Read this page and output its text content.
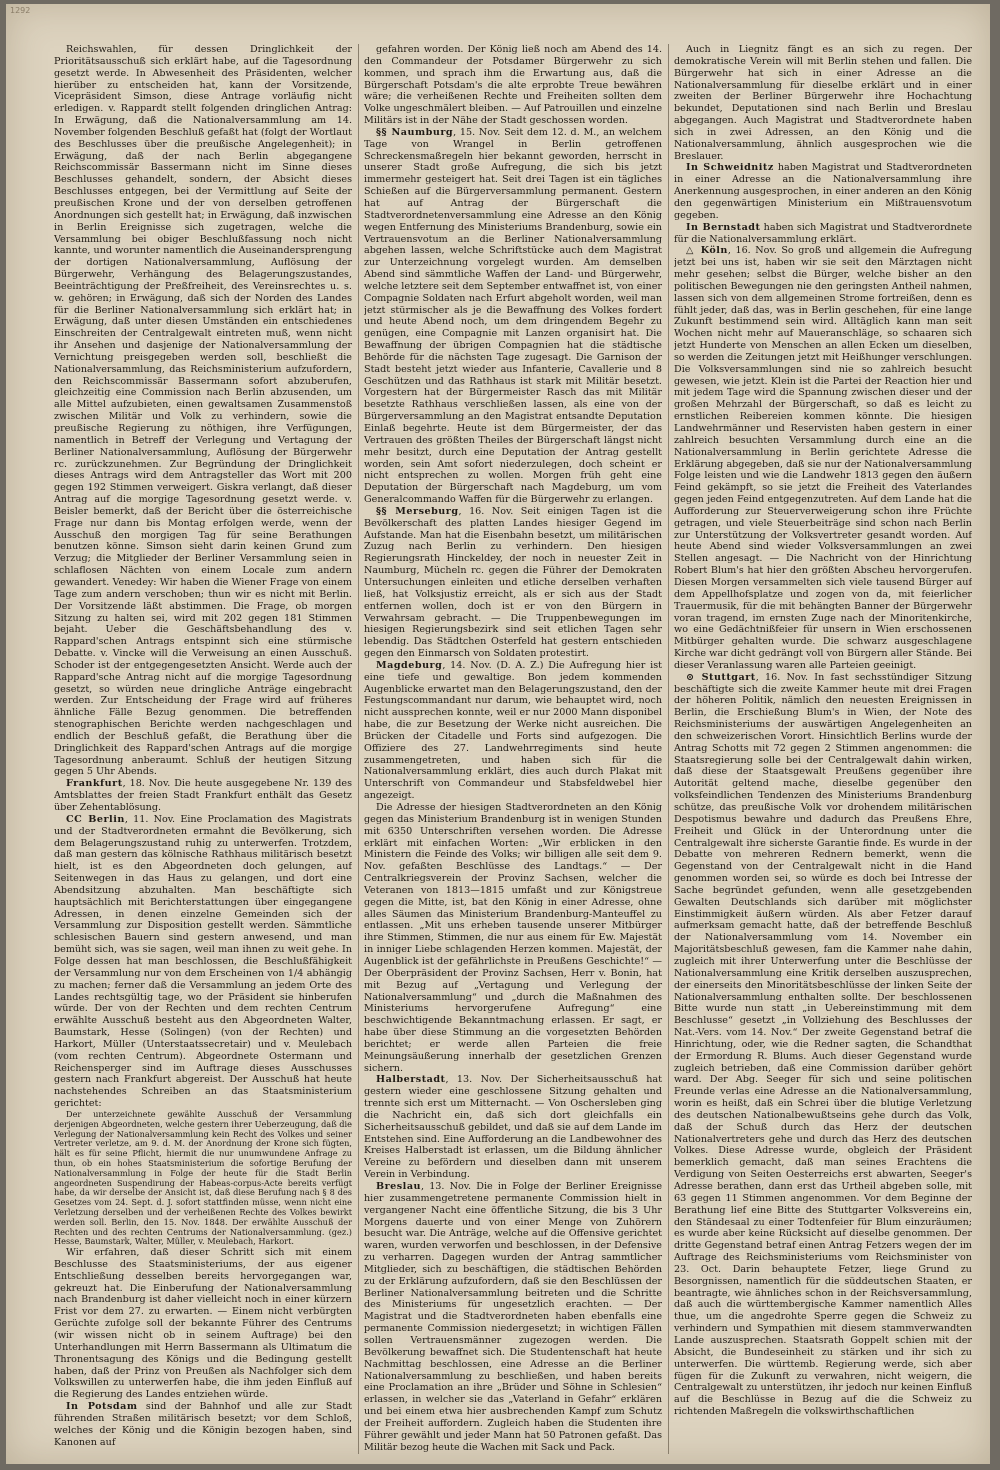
1292

Reichswahlen, für dessen Dringlichkeit der Prioritätsausschuß sich erklärt habe, auf die Tagesordnung gesetzt werde. In Abwesenheit des Präsidenten, welcher hierüber zu entscheiden hat, kann der Vorsitzende, Vicepräsident Simson, diese Antrage vorläufig nicht erledigen. v. Rappardt stellt folgenden dringlichen Antrag: In Erwägung, daß die Nationalversammlung am 14. November folgenden Beschluß gefaßt hat (folgt der Wortlaut des Beschlusses über die preußische Angelegenheit); in Erwägung, daß der nach Berlin abgegangene Reichscommissär Bassermann nicht im Sinne dieses Beschlusses gehandelt, sondern, der Absicht dieses Beschlusses entgegen, bei der Vermittlung auf Seite der preußischen Krone und der von derselben getroffenen Anordnungen sich gestellt hat; in Erwägung, daß inzwischen in Berlin Ereignisse sich zugetragen, welche die Versammlung bei obiger Beschlußfassung noch nicht kannte, und worunter namentlich die Auseinandersprengung der dortigen Nationalversammlung, Auflösung der Bürgerwehr, Verhängung des Belagerungszustandes, Beeinträchtigung der Preßfreiheit, des Vereinsrechtes u. s. w. gehören; in Erwägung, daß sich der Norden des Landes für die Berliner Nationalversammlung sich erklärt hat; in Erwägung, daß unter diesen Umständen ein entschiedenes Einschreiten der Centralgewalt eintreten muß, wenn nicht ihr Ansehen und dasjenige der Nationalversammlung der Vernichtung preisgegeben werden soll, beschließt die Nationalversammlung, das Reichsministerium aufzufordern, den Reichscommissär Bassermann sofort abzuberufen, gleichzeitig eine Commission nach Berlin abzusenden, um alle Mittel aufzubieten, einen gewaltsamen Zusammenstoß zwischen Militär und Volk zu verhindern, sowie die preußische Regierung zu nöthigen, ihre Verfügungen, namentlich in Betreff der Verlegung und Vertagung der Berliner Nationalversammlung, Auflösung der Bürgerwehr rc. zurückzunehmen. Zur Begründung der Dringlichkeit dieses Antrags wird dem Antragsteller das Wort mit 200 gegen 192 Stimmen verweigert. Giskra verlangt, daß dieser Antrag auf die morgige Tagesordnung gesetzt werde. v. Beisler bemerkt, daß der Bericht über die österreichische Frage nur dann bis Montag erfolgen werde, wenn der Ausschuß den morgigen Tag für seine Berathungen benutzen könne. Simson sieht darin keinen Grund zum Verzug; die Mitglieder der Berliner Versammlung seien in schlaflosen Nächten von einem Locale zum andern gewandert. Venedey: Wir haben die Wiener Frage von einem Tage zum andern verschoben; thun wir es nicht mit Berlin. Der Vorsitzende läßt abstimmen. Die Frage, ob morgen Sitzung zu halten sei, wird mit 202 gegen 181 Stimmen bejaht. Ueber die Geschäftsbehandlung des v. Rappard'schen Antrags entspinnt sich eine stürmische Debatte. v. Vincke will die Verweisung an einen Ausschuß. Schoder ist der entgegengesetzten Ansicht. Werde auch der Rappard'sche Antrag nicht auf die morgige Tagesordnung gesetzt, so würden neue dringliche Anträge eingebracht werden. Zur Entscheidung der Frage wird auf früheres ähnliche Fälle Bezug genommen. Die betreffenden stenographischen Berichte werden nachgeschlagen und endlich der Beschluß gefaßt, die Berathung über die Dringlichkeit des Rappard'schen Antrags auf die morgige Tagesordnung anberaumt. Schluß der heutigen Sitzung gegen 5 Uhr Abends.

Frankfurt, 18. Nov. Die heute ausgegebene Nr. 139 des Amtsblattes der freien Stadt Frankfurt enthält das Gesetz über Zehentablösung.

CC Berlin, 11. Nov. Eine Proclamation des Magistrats und der Stadtverordneten ermahnt die Bevölkerung, sich dem Belagerungszustand ruhig zu unterwerfen. Trotzdem, daß man gestern das kölnische Rathhaus militärisch besetzt hielt, ist es den Abgeordneten doch gelungen, auf Seitenwegen in das Haus zu gelangen, und dort eine Abendsitzung abzuhalten. Man beschäftigte sich hauptsächlich mit Berichterstattungen über eingegangene Adressen, in denen einzelne Gemeinden sich der Versammlung zur Disposition gestellt werden. Sämmtliche schlesischen Bauern sind gestern anwesend, und man bemüht sich, was sie sagen, weil man ihnen zu weit gehe. In Folge dessen hat man beschlossen, die Beschlußfähigkeit der Versammlung nur von dem Erscheinen von 1/4 abhängig zu machen; ferner daß die Versammlung an jedem Orte des Landes rechtsgültig tage, wo der Präsident sie hinberufen würde. Der von der Rechten und dem rechten Centrum erwählte Ausschuß besteht aus den Abgeordneten Walter, Baumstark, Hesse (Solingen) (von der Rechten) und Harkort, Müller (Unterstaatssecretair) und v. Meulebach (vom rechten Centrum). Abgeordnete Ostermann und Reichensperger sind im Auftrage dieses Ausschusses gestern nach Frankfurt abgereist. Der Ausschuß hat heute nachstehendes Schreiben an das Staatsministerium gerichtet:

Der unterzeichnete gewählte Ausschuß der Versammlung derjenigen Abgeordneten, welche gestern ihrer Ueberzeugung, daß die Verlegung der Nationalversammlung kein Recht des Volkes und seiner Vertreter verletze, am 9. d. M. der Anordnung der Krone sich fügten, hält es für seine Pflicht, hiermit die nur unumwundene Anfrage zu thun, ob ein hohes Staatsministerium die sofortige Berufung der Nationalversammlung in Folge der heute für die Stadt Berlin angeordneten Suspendirung der Habeas-corpus-Acte bereits verfügt habe, da wir derselbe der Ansicht ist, daß diese Berufung nach § 8 des Gesetzes vom 24. Sept. d. J. sofort stattfinden müsse, wenn nicht eine Verletzung derselben und der verheißenen Rechte des Volkes bewirkt werden soll. Berlin, den 15. Nov. 1848. Der erwählte Ausschuß der Rechten und des rechten Centrums der Nationalversammlung. (gez.) Hesse, Baumstark, Walter, Müller, v. Meulebach, Harkort.

Wir erfahren, daß dieser Schritt sich mit einem Beschlusse des Staatsministeriums, der aus eigener Entschließung desselben bereits hervorgegangen war, gekreuzt hat. Die Einberufung der Nationalversammlung nach Brandenburg ist daher vielleicht noch in einer kürzern Frist vor dem 27. zu erwarten. — Einem nicht verbürgten Gerüchte zufolge soll der bekannte Führer des Centrums (wir wissen nicht ob in seinem Auftrage) bei den Unterhandlungen mit Herrn Bassermann als Ultimatum die Thronentsagung des Königs und die Bedingung gestellt haben, daß der Prinz von Preußen als Nachfolger sich dem Volkswillen zu unterwerfen habe, die ihm jeden Einfluß auf die Regierung des Landes entziehen würde.

In Potsdam sind der Bahnhof und alle zur Stadt führenden Straßen militärisch besetzt; vor dem Schloß, welches der König und die Königin bezogen haben, sind Kanonen auf

gefahren worden. Der König ließ noch am Abend des 14. den Commandeur der Potsdamer Bürgerwehr zu sich kommen, und sprach ihm die Erwartung aus, daß die Bürgerschaft Potsdam's die alte erprobte Treue bewähren wäre; die verheißenen Rechte und Freiheiten sollten dem Volke ungeschmälert bleiben. — Auf Patrouillen und einzelne Militärs ist in der Nähe der Stadt geschossen worden.

§§ Naumburg, 15. Nov. Seit dem 12. d. M., an welchem Tage von Wrangel in Berlin getroffenen Schreckensmaßregeln hier bekannt geworden, herrscht in unserer Stadt große Aufregung, die sich bis jetzt immermehr gesteigert hat. Seit drei Tagen ist ein tägliches Schießen auf die Bürgerversammlung permanent. Gestern hat auf Antrag der Bürgerschaft die Stadtverordnetenversammlung eine Adresse an den König wegen Entfernung des Ministeriums Brandenburg, sowie ein Vertrauensvotum an die Berliner Nationalversammlung abgehen lassen, welche Schriftstücke auch dem Magistrat zur Unterzeichnung vorgelegt wurden. Am demselben Abend sind sämmtliche Waffen der Land- und Bürgerwehr, welche letztere seit dem September entwaffnet ist, von einer Compagnie Soldaten nach Erfurt abgeholt worden, weil man jetzt stürmischer als je die Bewaffnung des Volkes fordert und heute Abend noch, um dem dringendem Begehr zu genügen, eine Compagnie mit Lanzen organisirt hat. Die Bewaffnung der übrigen Compagnien hat die städtische Behörde für die nächsten Tage zugesagt. Die Garnison der Stadt besteht jetzt wieder aus Infanterie, Cavallerie und 8 Geschützen und das Rathhaus ist stark mit Militär besetzt. Vorgestern hat der Bürgermeister Rasch das mit Militär besetzte Rathhaus verschließen lassen, als eine von der Bürgerversammlung an den Magistrat entsandte Deputation Einlaß begehrte. Heute ist dem Bürgermeister, der das Vertrauen des größten Theiles der Bürgerschaft längst nicht mehr besitzt, durch eine Deputation der Antrag gestellt worden, sein Amt sofort niederzulegen, doch scheint er nicht entsprechen zu wollen. Morgen früh geht eine Deputation der Bürgerschaft nach Magdeburg, um vom Generalcommando Waffen für die Bürgerwehr zu erlangen.

§§ Merseburg, 16. Nov. Seit einigen Tagen ist die Bevölkerschaft des platten Landes hiesiger Gegend im Aufstande. Man hat die Eisenbahn besetzt, um militärischen Zuzug nach Berlin zu verhindern. Den hiesigen Regierungsrath Hinckeldey, der noch in neuester Zeit in Naumburg, Mücheln rc. gegen die Führer der Demokraten Untersuchungen einleiten und etliche derselben verhaften ließ, hat Volksjustiz erreicht, als er sich aus der Stadt entfernen wollen, doch ist er von den Bürgern in Verwahrsam gebracht. — Die Truppenbewegungen im hiesigen Regierungsbezirk sind seit etlichen Tagen sehr lebendig. Das Städtchen Osterfeld hat gestern entschieden gegen den Einmarsch von Soldaten protestirt.

Magdeburg, 14. Nov. (D. A. Z.) Die Aufregung hier ist eine tiefe und gewaltige. Bon jedem kommenden Augenblicke erwartet man den Belagerungszustand, den der Festungscommandant nur darum, wie behauptet wird, noch nicht aussprechen konnte, weil er nur 2000 Mann disponibel habe, die zur Besetzung der Werke nicht ausreichen. Die Brücken der Citadelle und Forts sind aufgezogen. Die Offiziere des 27. Landwehrregiments sind heute zusammengetreten, und haben sich für die Nationalversammlung erklärt, dies auch durch Plakat mit Unterschrift von Commandeur und Stabsfeldwebel hier angezeigt.

Die Adresse der hiesigen Stadtverordneten an den König gegen das Ministerium Brandenburg ist in wenigen Stunden mit 6350 Unterschriften versehen worden. Die Adresse erklärt mit einfachen Worten: „Wir erblicken in den Ministern die Feinde des Volks; wir billigen alle seit dem 9. Nov. gefaßten Beschlüsse des Landtags.“ — Der Centralkriegsverein der Provinz Sachsen, welcher die Veteranen von 1813—1815 umfaßt und zur Königstreue gegen die Mitte, ist, bat den König in einer Adresse, ohne alles Säumen das Ministerium Brandenburg-Manteuffel zu entlassen. „Mit uns erheben tausende unserer Mitbürger ihre Stimmen, Stimmen, die nur aus einem für Ew. Majestät in inniger Liebe schlagenden Herzen kommen. Majestät, der Augenblick ist der gefährlichste in Preußens Geschichte!“ — Der Oberpräsident der Provinz Sachsen, Herr v. Bonin, hat mit Bezug auf „Vertagung und Verlegung der Nationalversammlung“ und „durch die Maßnahmen des Ministeriums hervorgerufene Aufregung“ eine beschwichtigende Bekanntmachung erlassen. Er sagt, er habe über diese Stimmung an die vorgesetzten Behörden berichtet; er werde allen Parteien die freie Meinungsäußerung innerhalb der gesetzlichen Grenzen sichern.

Halberstadt, 13. Nov. Der Sicherheitsausschuß hat gestern wieder eine geschlossene Sitzung gehalten und trennte sich erst um Mitternacht. — Von Oschersleben ging die Nachricht ein, daß sich dort gleichfalls ein Sicherheitsausschuß gebildet, und daß sie auf dem Lande im Entstehen sind. Eine Aufforderung an die Landbewohner des Kreises Halberstadt ist erlassen, um die Bildung ähnlicher Vereine zu befördern und dieselben dann mit unserem Verein in Verbindung.

Breslau, 13. Nov. Die in Folge der Berliner Ereignisse hier zusammengetretene permanente Commission hielt in vergangener Nacht eine öffentliche Sitzung, die bis 3 Uhr Morgens dauerte und von einer Menge von Zuhörern besucht war. Die Anträge, welche auf die Offensive gerichtet waren, wurden verworfen und beschlossen, in der Defensive zu verharren. Dagegen wurden der Antrag sammtlicher Mitglieder, sich zu beschäftigen, die städtischen Behörden zu der Erklärung aufzufordern, daß sie den Beschlüssen der Berliner Nationalversammlung beitreten und die Schritte des Ministeriums für ungesetzlich erachten. — Der Magistrat und die Stadtverordneten haben ebenfalls eine permanente Commission niedergesetzt; in wichtigen Fällen sollen Vertrauensmänner zugezogen werden. Die Bevölkerung bewaffnet sich. Die Studentenschaft hat heute Nachmittag beschlossen, eine Adresse an die Berliner Nationalversammlung zu beschließen, und haben bereits eine Proclamation an ihre „Brüder und Söhne in Schlesien“ erlassen, in welcher sie das „Vaterland in Gefahr“ erklären und bei einem etwa hier ausbrechenden Kampf zum Schutz der Freiheit auffordern. Zugleich haben die Studenten ihre Führer gewählt und jeder Mann hat 50 Patronen gefaßt. Das Militär bezog heute die Wachen mit Sack und Pack.

Auch in Liegnitz fängt es an sich zu regen. Der demokratische Verein will mit Berlin stehen und fallen. Die Bürgerwehr hat sich in einer Adresse an die Nationalversammlung für dieselbe erklärt und in einer zweiten der Berliner Bürgerwehr ihre Hochachtung bekundet, Deputationen sind nach Berlin und Breslau abgegangen. Auch Magistrat und Stadtverordnete haben sich in zwei Adressen, an den König und die Nationalversammlung, ähnlich ausgesprochen wie die Breslauer.

In Schweidnitz haben Magistrat und Stadtverordneten in einer Adresse an die Nationalversammlung ihre Anerkennung ausgesprochen, in einer anderen an den König den gegenwärtigen Ministerium ein Mißtrauensvotum gegeben.

In Bernstadt haben sich Magistrat und Stadtverordnete für die Nationalversammlung erklärt.

△ Köln, 16. Nov. So groß und allgemein die Aufregung jetzt bei uns ist, haben wir sie seit den Märztagen nicht mehr gesehen; selbst die Bürger, welche bisher an den politischen Bewegungen nie den geringsten Antheil nahmen, lassen sich von dem allgemeinen Strome fortreißen, denn es fühlt jeder, daß das, was in Berlin geschehen, für eine lange Zukunft bestimmend sein wird. Alltäglich kann man seit Wochen nicht mehr auf Maueranschläge, so schaaren sich jetzt Hunderte von Menschen an allen Ecken um dieselben, so werden die Zeitungen jetzt mit Heißhunger verschlungen. Die Volksversammlungen sind nie so zahlreich besucht gewesen, wie jetzt. Klein ist die Partei der Reaction hier und mit jedem Tage wird die Spannung zwischen dieser und der großen Mehrzahl der Bürgerschaft, so daß es leicht zu ernstlichen Reibereien kommen könnte. Die hiesigen Landwehrmänner und Reservisten haben gestern in einer zahlreich besuchten Versammlung durch eine an die Nationalversammlung in Berlin gerichtete Adresse die Erklärung abgegeben, daß sie nur der Nationalversammlung Folge leisten und wie die Landwehr 1813 gegen den äußern Feind gekämpft, so sie jetzt die Freiheit des Vaterlandes gegen jeden Feind entgegenzutreten. Auf dem Lande hat die Aufforderung zur Steuerverweigerung schon ihre Früchte getragen, und viele Steuerbeiträge sind schon nach Berlin zur Unterstützung der Volksvertreter gesandt worden. Auf heute Abend sind wieder Volksversammlungen an zwei Stellen angesagt. — Die Nachricht von der Hinrichtung Robert Blum's hat hier den größten Abscheu hervorgerufen. Diesen Morgen versammelten sich viele tausend Bürger auf dem Appellhofsplatze und zogen von da, mit feierlicher Trauermusik, für die mit behängten Banner der Bürgerwehr voran tragend, im ernsten Zuge nach der Minoritenkirche, wo eine Gedächtnißfeier für unsern in Wien erschossenen Mitbürger gehalten wurde. Die schwarz ausgeschlagene Kirche war dicht gedrängt voll von Bürgern aller Stände. Bei dieser Veranlassung waren alle Parteien geeinigt.

⊙ Stuttgart, 16. Nov. In fast sechsstündiger Sitzung beschäftigte sich die zweite Kammer heute mit drei Fragen der höheren Politik, nämlich den neuesten Ereignissen in Berlin, die Erschießung Blum's in Wien, der Note des Reichsministeriums der auswärtigen Angelegenheiten an den schweizerischen Vorort. Hinsichtlich Berlins wurde der Antrag Schotts mit 72 gegen 2 Stimmen angenommen: die Staatsregierung solle bei der Centralgewalt dahin wirken, daß diese der Staatsgewalt Preußens gegenüber ihre Autorität geltend mache, dieselbe gegenüber den volksfeindlichen Tendenzen des Ministeriums Brandenburg schütze, das preußische Volk vor drohendem militärischen Despotismus bewahre und dadurch das Preußens Ehre, Freiheit und Glück in der Unterordnung unter die Centralgewalt ihre sicherste Garantie finde. Es wurde in der Debatte von mehreren Rednern bemerkt, wenn die Gegenstand von der Centralgewalt nicht in die Hand genommen worden sei, so würde es doch bei Intresse der Sache begründet gefunden, wenn alle gesetzgebenden Gewalten Deutschlands sich darüber mit möglichster Einstimmigkeit äußern würden. Als aber Fetzer darauf aufmerksam gemacht hatte, daß der betreffende Beschluß der Nationalversammlung vom 14. November ein Majoritätsbeschluß gewesen, fam die Kammer nahe dahin, zugleich mit ihrer Unterwerfung unter die Beschlüsse der Nationalversammlung eine Kritik derselben auszusprechen, der einerseits den Minoritätsbeschlüsse der linken Seite der Nationalversammlung enthalten sollte. Der beschlossenen Bitte wurde nun statt „in Uebereinstimmung mit dem Beschlusse“ gesetzt „in Vollziehung des Beschlusses der Nat.-Vers. vom 14. Nov.“ Der zweite Gegenstand betraf die Hinrichtung, oder, wie die Redner sagten, die Schandthat der Ermordung R. Blums. Auch dieser Gegenstand wurde zugleich betrieben, daß eine Commission darüber gehört ward. Der Abg. Seeger für sich und seine politischen Freunde verlas eine Adresse an die Nationalversammlung, worin es heißt, daß ein Schrei über die blutige Verletzung des deutschen Nationalbewußtseins gehe durch das Volk, daß der Schuß durch das Herz der deutschen Nationalvertreters gehe und durch das Herz des deutschen Volkes. Diese Adresse wurde, obgleich der Präsident bemerklich gemacht, daß man seines Erachtens die Verdigung von Seiten Oesterreichs erst abwarten, Seeger's Adresse berathen, dann erst das Urtheil abgeben solle, mit 63 gegen 11 Stimmen angenommen. Vor dem Beginne der Berathung lief eine Bitte des Stuttgarter Volksvereins ein, den Ständesaal zu einer Todtenfeier für Blum einzuräumen; es wurde aber keine Rücksicht auf dieselbe genommen. Der dritte Gegenstand betraf einen Antrag Fetzers wegen der im Auftrage des Reichsministeriums vom Reichsminister von 23. Oct. Darin behauptete Fetzer, liege Grund zu Besorgnissen, namentlich für die süddeutschen Staaten, er beantragte, wie ähnliches schon in der Reichsversammlung, daß auch die württembergische Kammer namentlich Alles thue, um die angedrohte Sperre gegen die Schweiz zu verhindern und Sympathien mit diesem stammverwandten Lande auszusprechen. Staatsrath Goppelt schien mit der Absicht, die Bundeseinheit zu stärken und ihr sich zu unterwerfen. Die württemb. Regierung werde, sich aber fügen für die Zukunft zu verwahren, nicht weigern, die Centralgewalt zu unterstützen, ihr jedoch nur keinen Einfluß auf die Beschlüsse in Bezug auf die die Schweiz zu richtenden Maßregeln die volkswirthschaftlichen
